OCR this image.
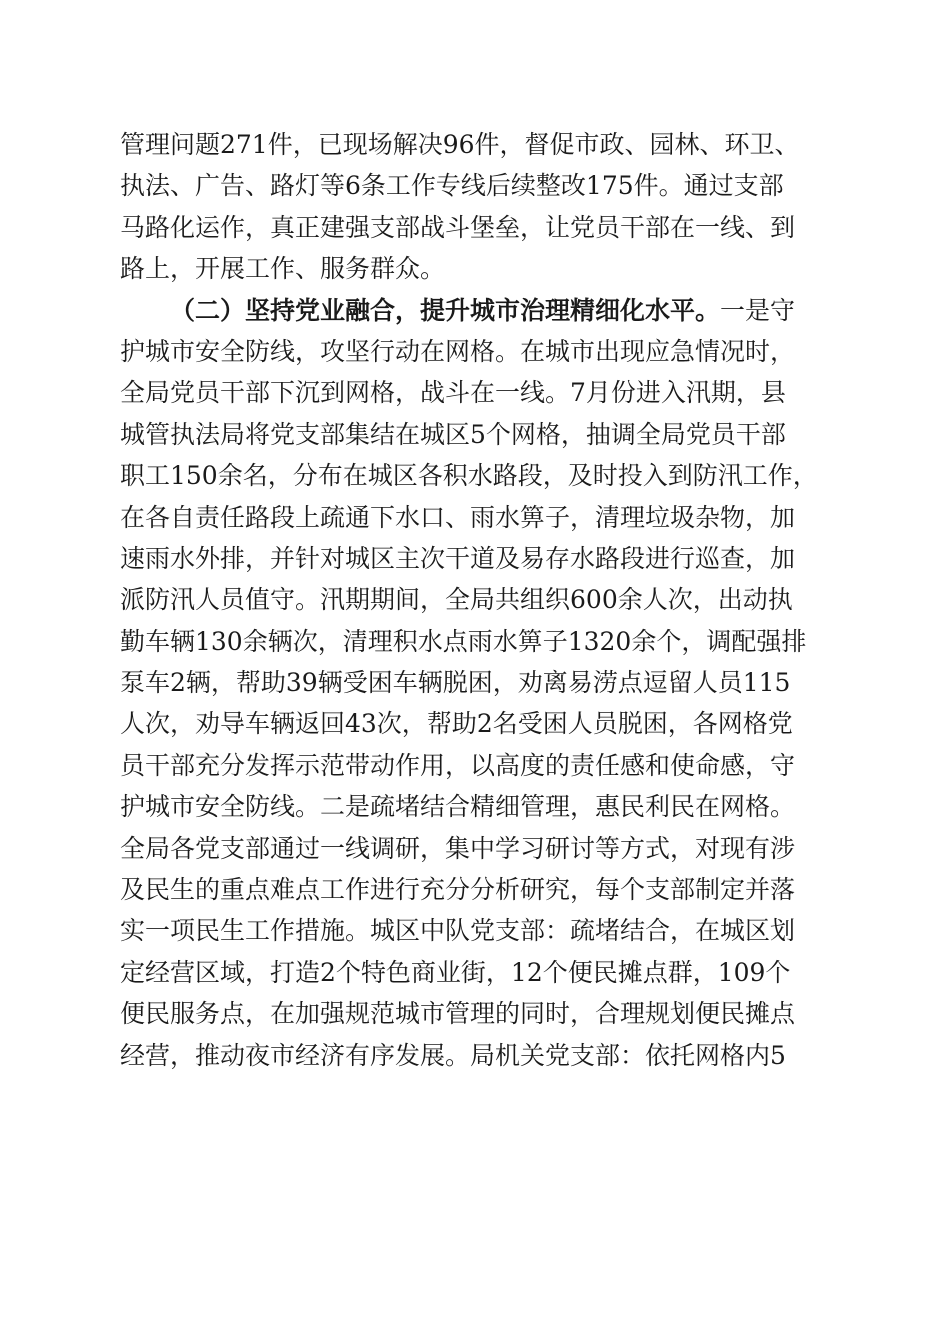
管理问题271件，已现场解决96件，督促市政、园林、环卫、
执法、广告、路灯等6条工作专线后续整改175件。通过支部
马路化运作，真正建强支部战斗堡垒，让党员干部在一线、到
路上，开展工作、服务群众。
（二）坚持党业融合，提升城市治理精细化水平。一是守
护城市安全防线，攻坚行动在网格。在城市出现应急情况时，
全局党员干部下沉到网格，战斗在一线。7月份进入汛期，县
城管执法局将党支部集结在城区5个网格，抽调全局党员干部
职工150余名，分布在城区各积水路段，及时投入到防汛工作，
在各自责任路段上疏通下水口、雨水箅子，清理垃圾杂物，加
速雨水外排，并针对城区主次干道及易存水路段进行巡查，加
派防汛人员值守。汛期期间，全局共组织600余人次，出动执
勤车辆130余辆次，清理积水点雨水箅子1320余个，调配强排
泵车2辆，帮助39辆受困车辆脱困，劝离易涝点逗留人员115
人次，劝导车辆返回43次，帮助2名受困人员脱困，各网格党
员干部充分发挥示范带动作用，以高度的责任感和使命感，守
护城市安全防线。二是疏堵结合精细管理，惠民利民在网格。
全局各党支部通过一线调研，集中学习研讨等方式，对现有涉
及民生的重点难点工作进行充分分析研究，每个支部制定并落
实一项民生工作措施。城区中队党支部：疏堵结合，在城区划
定经营区域，打造2个特色商业街，12个便民摊点群，109个
便民服务点，在加强规范城市管理的同时，合理规划便民摊点
经营，推动夜市经济有序发展。局机关党支部：依托网格内5
